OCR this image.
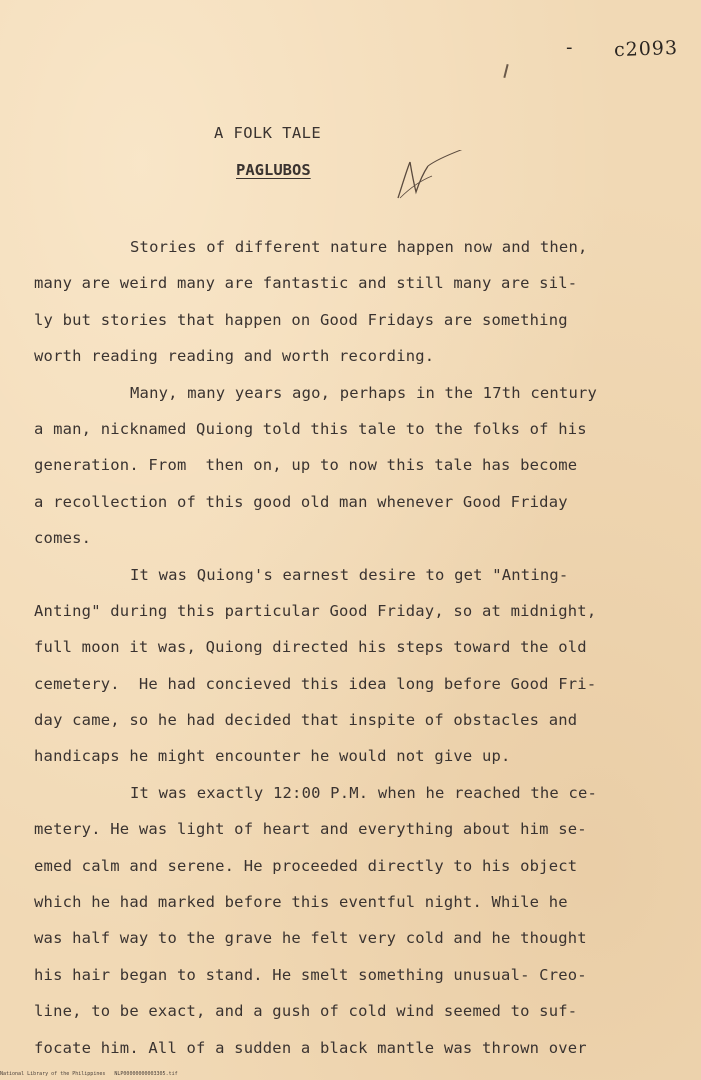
- c2093
A FOLK TALE
PAGLUBOS
Stories of different nature happen now and then,
many are weird many are fantastic and still many are sil-
ly but stories that happen on Good Fridays are something
worth reading reading and worth recording.
Many, many years ago, perhaps in the 17th century
a man, nicknamed Quiong told this tale to the folks of his
generation. From  then on, up to now this tale has become
a recollection of this good old man whenever Good Friday
comes.
It was Quiong's earnest desire to get "Anting-
Anting" during this particular Good Friday, so at midnight,
full moon it was, Quiong directed his steps toward the old
cemetery.  He had concieved this idea long before Good Fri-
day came, so he had decided that inspite of obstacles and
handicaps he might encounter he would not give up.
It was exactly 12:00 P.M. when he reached the ce-
metery. He was light of heart and everything about him se-
emed calm and serene. He proceeded directly to his object
which he had marked before this eventful night. While he
was half way to the grave he felt very cold and he thought
his hair began to stand. He smelt something unusual- Creo-
line, to be exact, and a gush of cold wind seemed to suf-
focate him. All of a sudden a black mantle was thrown over
National Library of the Philippines   NLP00000000003305.tif
